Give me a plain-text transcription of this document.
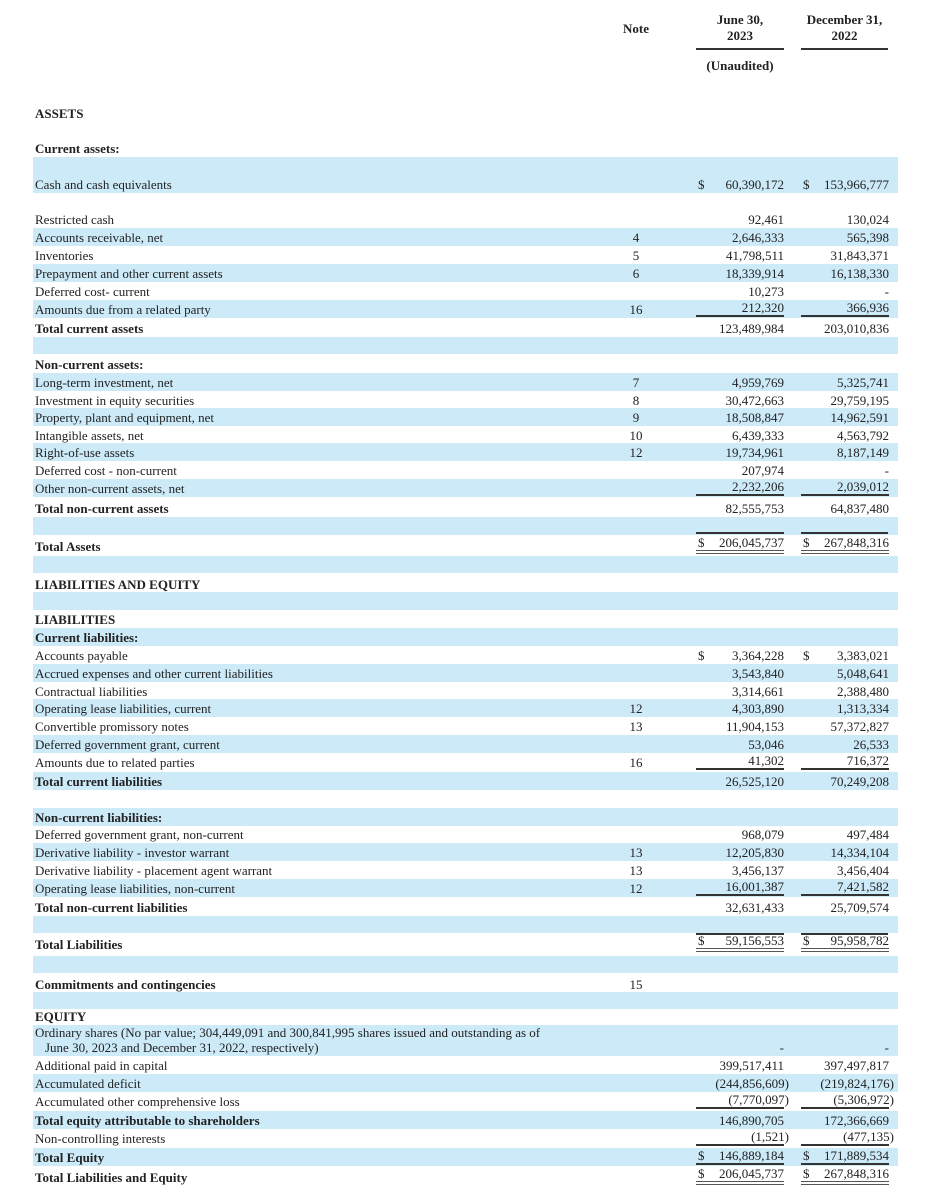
Note
June 30,
2023
December 31,
2022
(Unaudited)
ASSETS
Current assets:
Cash and cash equivalents	$ 60,390,172 $ 153,966,777
Restricted cash	92,461	130,024
Accounts receivable, net	4	2,646,333	565,398
Inventories	5	41,798,511	31,843,371
Prepayment and other current assets	6	18,339,914	16,138,330
Deferred cost- current	10,273	-
Amounts due from a related party	16	212,320	366,936
Total current assets	123,489,984	203,010,836
Non-current assets:
Long-term investment, net	7	4,959,769	5,325,741
Investment in equity securities	8	30,472,663	29,759,195
Property, plant and equipment, net	9	18,508,847	14,962,591
Intangible assets, net	10	6,439,333	4,563,792
Right-of-use assets	12	19,734,961	8,187,149
Deferred cost - non-current	207,974	-
Other non-current assets, net	2,232,206	2,039,012
Total non-current assets	82,555,753	64,837,480
Total Assets	$ 206,045,737 $ 267,848,316
LIABILITIES AND EQUITY
LIABILITIES
Current liabilities:
Accounts payable	$ 3,364,228 $ 3,383,021
Accrued expenses and other current liabilities	3,543,840	5,048,641
Contractual liabilities	3,314,661	2,388,480
Operating lease liabilities, current	12	4,303,890	1,313,334
Convertible promissory notes	13	11,904,153	57,372,827
Deferred government grant, current	53,046	26,533
Amounts due to related parties	16	41,302	716,372
Total current liabilities	26,525,120	70,249,208
Non-current liabilities:
Deferred government grant, non-current	968,079	497,484
Derivative liability - investor warrant	13	12,205,830	14,334,104
Derivative liability - placement agent warrant	13	3,456,137	3,456,404
Operating lease liabilities, non-current	12	16,001,387	7,421,582
Total non-current liabilities	32,631,433	25,709,574
Total Liabilities	$ 59,156,553 $ 95,958,782
Commitments and contingencies	15
EQUITY
Ordinary shares (No par value; 304,449,091 and 300,841,995 shares issued and outstanding as of
June 30, 2023 and December 31, 2022, respectively)	-	-
Additional paid in capital	399,517,411	397,497,817
Accumulated deficit	(244,856,609) (219,824,176)
Accumulated other comprehensive loss	(7,770,097)	(5,306,972)
Total equity attributable to shareholders	146,890,705	172,366,669
Non-controlling interests	(1,521)	(477,135)
Total Equity	$ 146,889,184 $ 171,889,534
Total Liabilities and Equity	$ 206,045,737 $ 267,848,316
